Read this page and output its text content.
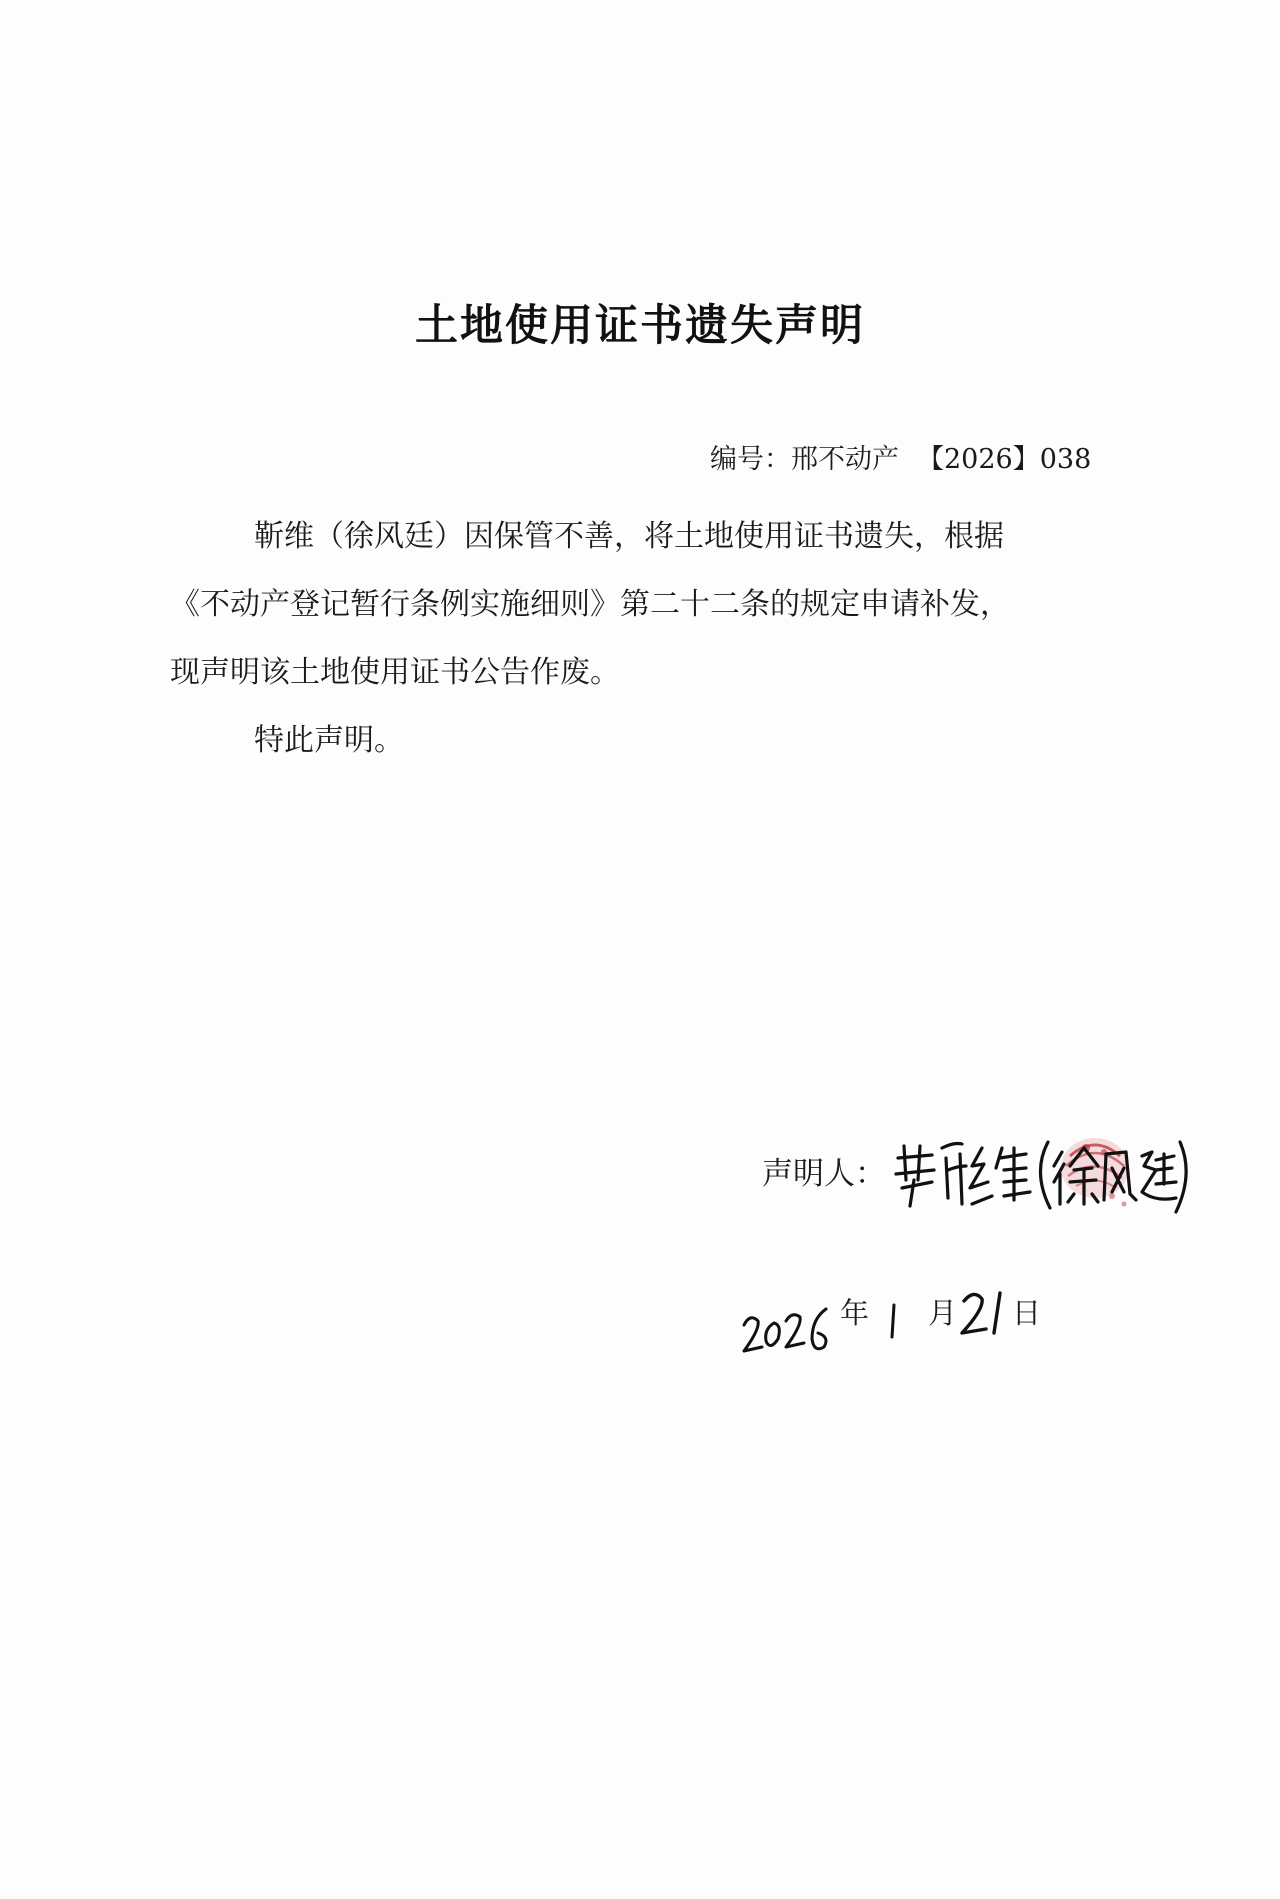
土地使用证书遗失声明
编号：邢不动产 【2026】038

靳维（徐风廷）因保管不善，将土地使用证书遗失，根据

《不动产登记暂行条例实施细则》第二十二条的规定申请补发，

现声明该土地使用证书公告作废。

特此声明。

声明人：
年 月 日
